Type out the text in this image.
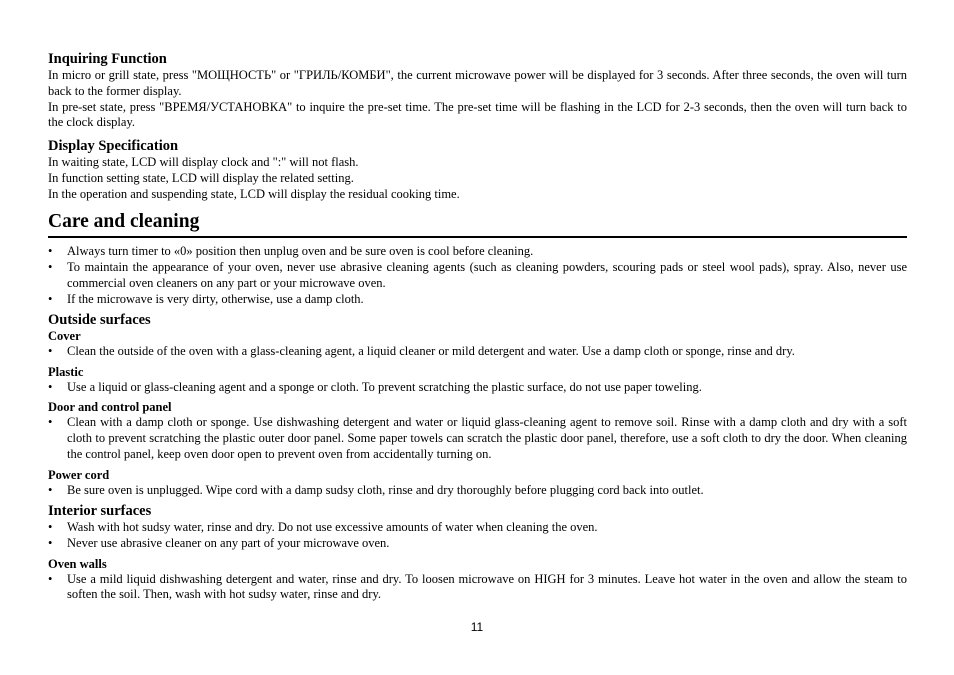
Inquiring Function

In micro or grill state, press "МОЩНОСТЬ" or "ГРИЛЬ/КОМБИ", the current microwave power will be displayed for 3 seconds. After three seconds, the oven will turn back to the former display.

In pre-set state, press "ВРЕМЯ/УСТАНОВКА" to inquire the pre-set time. The pre-set time will be flashing in the LCD for 2-3 seconds, then the oven will turn back to the clock display.

Display Specification

In waiting state, LCD will display clock and ":" will not flash.

In function setting state, LCD will display the related setting.

In the operation and suspending state, LCD will display the residual cooking time.

Care and cleaning
•	Always turn timer to «0» position then unplug oven and be sure oven is cool before cleaning.
•	To maintain the appearance of your oven, never use abrasive cleaning agents (such as cleaning powders, scouring pads or steel wool pads), spray. Also, never use commercial oven cleaners on any part or your microwave oven.
•	If the microwave is very dirty, otherwise, use a damp cloth.
Outside surfaces
Cover
•	Clean the outside of the oven with a glass-cleaning agent, a liquid cleaner or mild detergent and water. Use a damp cloth or sponge, rinse and dry.
Plastic
•	Use a liquid or glass-cleaning agent and a sponge or cloth. To prevent scratching the plastic surface, do not use paper toweling.
Door and control panel
•	Clean with a damp cloth or sponge. Use dishwashing detergent and water or liquid glass-cleaning agent to remove soil. Rinse with a damp cloth and dry with a soft cloth to prevent scratching the plastic outer door panel. Some paper towels can scratch the plastic door panel, therefore, use a soft cloth to dry the door. When cleaning the control panel, keep oven door open to prevent oven from accidentally turning on.
Power cord
•	Be sure oven is unplugged. Wipe cord with a damp sudsy cloth, rinse and dry thoroughly before plugging cord back into outlet.
Interior surfaces
•	Wash with hot sudsy water, rinse and dry. Do not use excessive amounts of water when cleaning the oven.
•	Never use abrasive cleaner on any part of your microwave oven.
Oven walls
•	Use a mild liquid dishwashing detergent and water, rinse and dry. To loosen microwave on HIGH for 3 minutes. Leave hot water in the oven and allow the steam to soften the soil. Then, wash with hot sudsy water, rinse and dry.
11
